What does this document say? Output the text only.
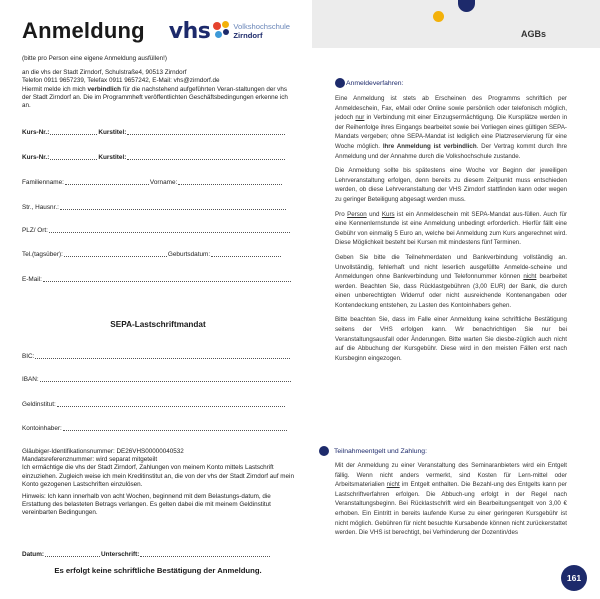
Anmeldung vhs	Volkshochschule
Zirndorf
(bitte pro Person eine eigene Anmeldung ausfüllen!)
an die vhs der Stadt Zirndorf, Schulstraße4, 90513 Zirndorf
Telefon 0911 9657239, Telefax 0911 9657242, E-Mail: vhs@zirndorf.de
Hiermit melde ich mich verbindlich für die nachstehend aufgeführten Veran-staltungen der vhs der Stadt Zirndorf an. Die im Programmheft veröffentlichten Geschäftsbedingungen erkenne ich an.
Kurs-Nr.:	Kurstitel:
Kurs-Nr.:	Kurstitel:
Familienname:	Vorname:
Str., Hausnr.:
PLZ/ Ort:
Tel.(tagsüber):	Geburtsdatum:
E-Mail:
SEPA-Lastschriftmandat
BIC:
IBAN:
Geldinstitut:
Kontoinhaber:

Gläubiger-Identifikationsnummer: DE26VHS00000040532

Mandatsreferenznummer: wird separat mitgeteilt

Ich ermächtige die vhs der Stadt Zirndorf, Zahlungen von meinem Konto mittels Lastschrift einzuziehen. Zugleich weise ich mein Kreditinstitut an, die von der vhs der Stadt Zirndorf auf mein Konto gezogenen Lastschriften einzulösen.

Hinweis: Ich kann innerhalb von acht Wochen, beginnend mit dem Belastungs-datum, die Erstattung des belasteten Betrags verlangen. Es gelten dabei die mit meinem Geldinstitut vereinbarten Bedingungen.

Datum:	Unterschrift:
Es erfolgt keine schriftliche Bestätigung der Anmeldung.
AGBs
Anmeldeverfahren:

Eine Anmeldung ist stets ab Erscheinen des Programms schriftlich per Anmeldeschein, Fax, eMail oder Online sowie persönlich oder telefonisch möglich, jedoch nur in Verbindung mit einer Einzugsermächtigung. Die Kursplätze werden in der Reihenfolge ihres Eingangs bearbeitet sowie bei Vorliegen eines gültigen SEPA-Mandats vergeben; ohne SEPA-Mandat ist lediglich eine Platzreservierung für eine Woche möglich. Ihre Anmeldung ist verbindlich. Der Vertrag kommt durch Ihre Anmeldung und der Annahme durch die Volkshochschule zustande.

Die Anmeldung sollte bis spätestens eine Woche vor Beginn der jeweiligen Lehrveranstaltung erfolgen, denn bereits zu diesem Zeitpunkt muss entschieden werden, ob diese Lehrveranstaltung der VHS Zirndorf stattfinden kann oder wegen zu geringer Beteiligung abgesagt werden muss.

Pro Person und Kurs ist ein Anmeldeschein mit SEPA-Mandat aus-füllen. Auch für eine Kennenlernstunde ist eine Anmeldung unbedingt erforderlich. Hierfür fällt eine Gebühr von einmalig 5 Euro an, welche bei Anmeldung zum Kurs angerechnet wird. Diese Möglichkeit besteht bei Kursen mit mindestens fünf Terminen.

Geben Sie bitte die Teilnehmerdaten und Bankverbindung vollständig an. Unvollständig, fehlerhaft und nicht leserlich ausgefüllte Anmelde-scheine und Anmeldungen ohne Bankverbindung und Telefonnummer können nicht bearbeitet werden. Beachten Sie, dass Rücklastgebühren (3,00 EUR) der Bank, die durch einen unberechtigten Widerruf oder nicht ausreichende Kontenangaben oder Kontendeckung entstehen, zu Lasten des Kontoinhabers gehen.

Bitte beachten Sie, dass im Falle einer Anmeldung keine schriftliche Bestätigung seitens der VHS erfolgen kann. Wir benachrichtigen Sie nur bei Veranstaltungsausfall oder Änderungen. Bitte warten Sie diesbe-züglich auch nicht auf die Abbuchung der Kursgebühr. Diese wird in den meisten Fällen erst nach Kursbeginn eingezogen.

Teilnahmeentgelt und Zahlung:

Mit der Anmeldung zu einer Veranstaltung des Seminaranbieters wird ein Entgelt fällig. Wenn nicht anders vermerkt, sind Kosten für Lern-mittel oder Arbeitsmaterialien nicht im Entgelt enthalten. Die Bezahl-ung des Entgelts kann per Lastschriftverfahren erfolgen. Die Abbuch-ung erfolgt in der Regel nach Veranstaltungsbeginn. Bei Rücklastschrift wird ein Bearbeitungsentgelt von 3,00 € erhoben. Ein Eintritt in bereits laufende Kurse zu einer geringeren Kursgebühr ist nicht möglich. Gebühren für nicht besuchte Kursabende können nicht zurückerstattet werden. Die VHS ist berechtigt, bei Verhinderung der Dozentin/des

161
